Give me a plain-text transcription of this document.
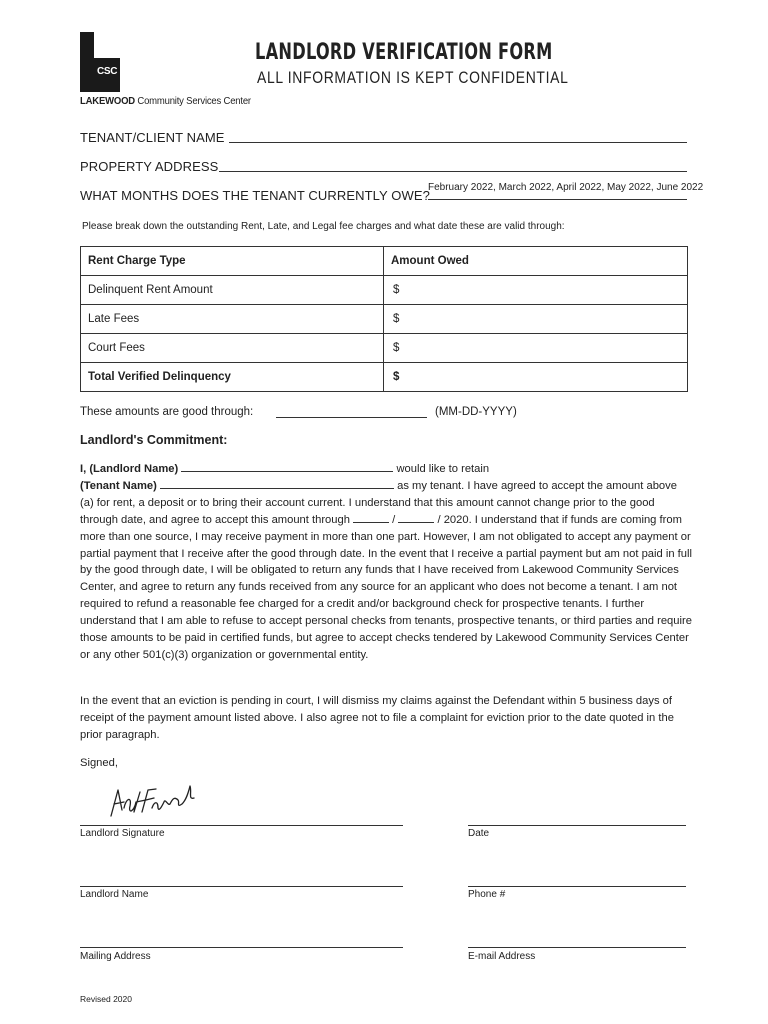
CSC
LAKEWOOD Community Services Center
LANDLORD VERIFICATION FORM
ALL INFORMATION IS KEPT CONFIDENTIAL
TENANT/CLIENT NAME
PROPERTY ADDRESS
WHAT MONTHS DOES THE TENANT CURRENTLY OWE?
February 2022, March 2022, April 2022, May 2022, June 2022
Please break down the outstanding Rent, Late, and Legal fee charges and what date these are valid through:
Rent Charge Type	Amount Owed
Delinquent Rent Amount	$
Late Fees	$
Court Fees	$
Total Verified Delinquency	$
These amounts are good through:	(MM-DD-YYYY)
Landlord's Commitment:
I, (Landlord Name)	would like to retain
(Tenant Name)	as my tenant. I have agreed to accept the amount above (a) for rent, a deposit or to bring their account current. I understand that this amount cannot change prior to the good through date, and agree to accept this amount through	/	/ 2020. I understand that if funds are coming from more than one source, I may receive payment in more than one part. However, I am not obligated to accept any payment or partial payment that I receive after the good through date. In the event that I receive a partial payment but am not paid in full by the good through date, I will be obligated to return any funds that I have received from Lakewood Community Services Center, and agree to return any funds received from any source for an applicant who does not become a tenant. I am not required to refund a reasonable fee charged for a credit and/or background check for prospective tenants. I further understand that I am able to refuse to accept personal checks from tenants, prospective tenants, or third parties and require those amounts to be paid in certified funds, but agree to accept checks tendered by Lakewood Community Services Center or any other 501(c)(3) organization or governmental entity.
In the event that an eviction is pending in court, I will dismiss my claims against the Defendant within 5 business days of receipt of the payment amount listed above. I also agree not to file a complaint for eviction prior to the date quoted in the prior paragraph.
Signed,
Landlord Signature	Date
Landlord Name	Phone #
Mailing Address	E-mail Address
Revised 2020
